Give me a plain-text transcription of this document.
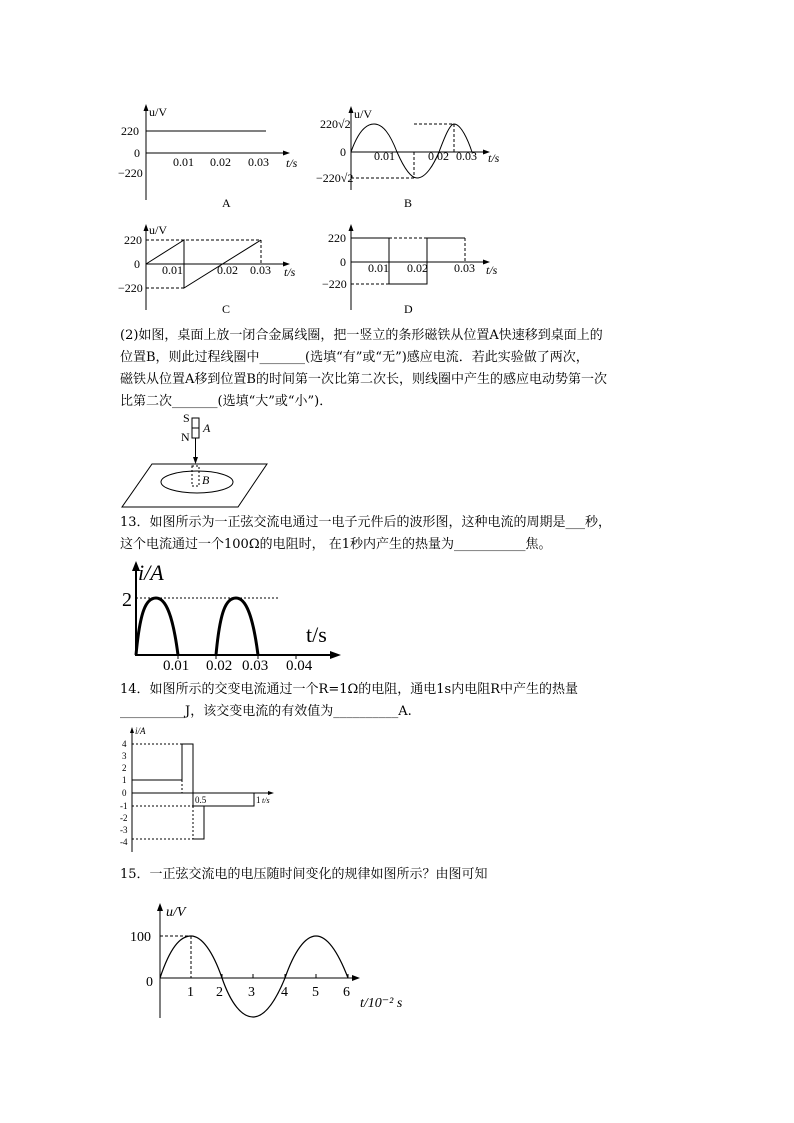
u/V
220
0
−220
0.01 0.02 0.03 t/s
A
u/V
220√2
0
−220√2
0.01	0.02 0.03 t/s
B
u/V
220
0
−220
0.01	0.02 0.03 t/s
C
220
0
−220
0.01 0.02 0.03 t/s
D

(2)如图，桌面上放一闭合金属线圈，把一竖立的条形磁铁从位置A快速移到桌面上的

位置B，则此过程线圈中_______(选填“有”或“无”)感应电流．若此实验做了两次，

磁铁从位置A移到位置B的时间第一次比第二次长，则线圈中产生的感应电动势第一次

比第二次_______(选填“大”或“小”)．

S
N
A
B

13．如图所示为一正弦交流电通过一电子元件后的波形图，这种电流的周期是___秒，

这个电流通过一个100Ω的电阻时， 在1秒内产生的热量为___________焦。

i/A
2
t/s
0.01 0.02 0.03 0.04

14．如图所示的交变电流通过一个R=1Ω的电阻，通电1s内电阻R中产生的热量

__________J，该交变电流的有效值为__________A.

i/A
4
3
2
1
0
-1
-2
-3
-4
0.5	1 t/s

15．一正弦交流电的电压随时间变化的规律如图所示？由图可知

u/V
100
0
1 2 3 4 5 6
t/10⁻² s
